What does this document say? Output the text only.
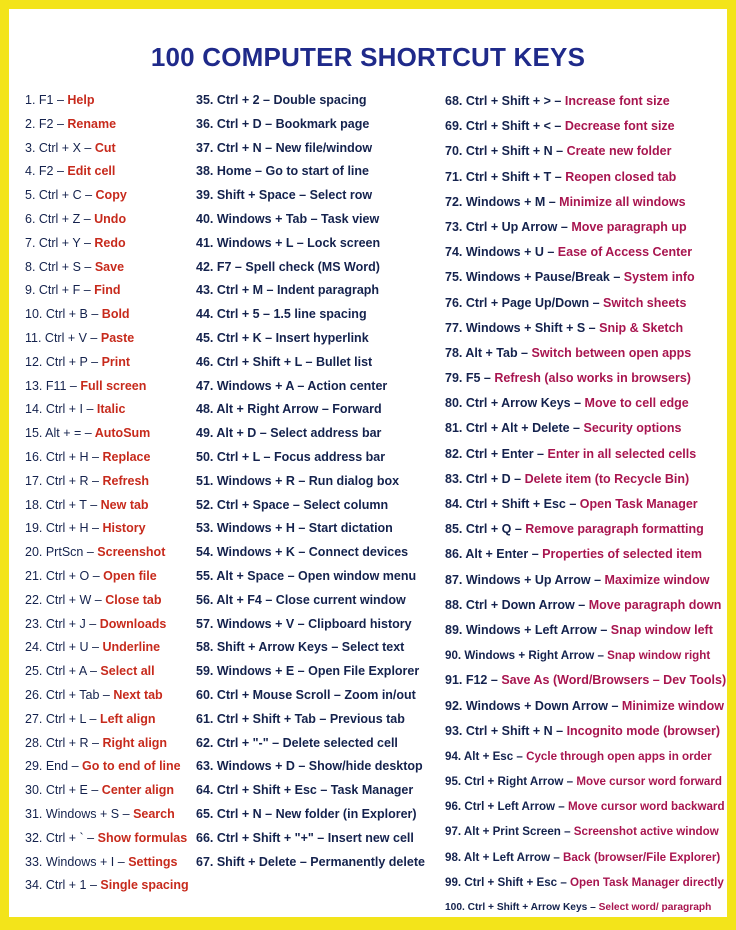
100 COMPUTER SHORTCUT KEYS
1. F1 – Help
2. F2 – Rename
3. Ctrl + X – Cut
4. F2 – Edit cell
5. Ctrl + C – Copy
6. Ctrl + Z – Undo
7. Ctrl + Y – Redo
8. Ctrl + S – Save
9. Ctrl + F – Find
10. Ctrl + B – Bold
11. Ctrl + V – Paste
12. Ctrl + P – Print
13. F11 – Full screen
14. Ctrl + I – Italic
15. Alt + = – AutoSum
16. Ctrl + H – Replace
17. Ctrl + R – Refresh
18. Ctrl + T – New tab
19. Ctrl + H – History
20. PrtScn – Screenshot
21. Ctrl + O – Open file
22. Ctrl + W – Close tab
23. Ctrl + J – Downloads
24. Ctrl + U – Underline
25. Ctrl + A – Select all
26. Ctrl + Tab – Next tab
27. Ctrl + L – Left align
28. Ctrl + R – Right align
29. End – Go to end of line
30. Ctrl + E – Center align
31. Windows + S – Search
32. Ctrl + ` – Show formulas
33. Windows + I – Settings
34. Ctrl + 1 – Single spacing
35. Ctrl + 2 – Double spacing
36. Ctrl + D – Bookmark page
37. Ctrl + N – New file/window
38. Home – Go to start of line
39. Shift + Space – Select row
40. Windows + Tab – Task view
41. Windows + L – Lock screen
42. F7 – Spell check (MS Word)
43. Ctrl + M – Indent paragraph
44. Ctrl + 5 – 1.5 line spacing
45. Ctrl + K – Insert hyperlink
46. Ctrl + Shift + L – Bullet list
47. Windows + A – Action center
48. Alt + Right Arrow – Forward
49. Alt + D – Select address bar
50. Ctrl + L – Focus address bar
51. Windows + R – Run dialog box
52. Ctrl + Space – Select column
53. Windows + H – Start dictation
54. Windows + K – Connect devices
55. Alt + Space – Open window menu
56. Alt + F4 – Close current window
57. Windows + V – Clipboard history
58. Shift + Arrow Keys – Select text
59. Windows + E – Open File Explorer
60. Ctrl + Mouse Scroll – Zoom in/out
61. Ctrl + Shift + Tab – Previous tab
62. Ctrl + "-" – Delete selected cell
63. Windows + D – Show/hide desktop
64. Ctrl + Shift + Esc – Task Manager
65. Ctrl + N – New folder (in Explorer)
66. Ctrl + Shift + "+" – Insert new cell
67. Shift + Delete – Permanently delete
68. Ctrl + Shift + > – Increase font size
69. Ctrl + Shift + < – Decrease font size
70. Ctrl + Shift + N – Create new folder
71. Ctrl + Shift + T – Reopen closed tab
72. Windows + M – Minimize all windows
73. Ctrl + Up Arrow – Move paragraph up
74. Windows + U – Ease of Access Center
75. Windows + Pause/Break – System info
76. Ctrl + Page Up/Down – Switch sheets
77. Windows + Shift + S – Snip & Sketch
78. Alt + Tab – Switch between open apps
79. F5 – Refresh (also works in browsers)
80. Ctrl + Arrow Keys – Move to cell edge
81. Ctrl + Alt + Delete – Security options
82. Ctrl + Enter – Enter in all selected cells
83. Ctrl + D – Delete item (to Recycle Bin)
84. Ctrl + Shift + Esc – Open Task Manager
85. Ctrl + Q – Remove paragraph formatting
86. Alt + Enter – Properties of selected item
87. Windows + Up Arrow – Maximize window
88. Ctrl + Down Arrow – Move paragraph down
89. Windows + Left Arrow – Snap window left
90. Windows + Right Arrow – Snap window right
91. F12 – Save As (Word/Browsers – Dev Tools)
92. Windows + Down Arrow – Minimize window
93. Ctrl + Shift + N – Incognito mode (browser)
94. Alt + Esc – Cycle through open apps in order
95. Ctrl + Right Arrow – Move cursor word forward
96. Ctrl + Left Arrow – Move cursor word backward
97. Alt + Print Screen – Screenshot active window
98. Alt + Left Arrow – Back (browser/File Explorer)
99. Ctrl + Shift + Esc – Open Task Manager directly
100. Ctrl + Shift + Arrow Keys – Select word/ paragraph
